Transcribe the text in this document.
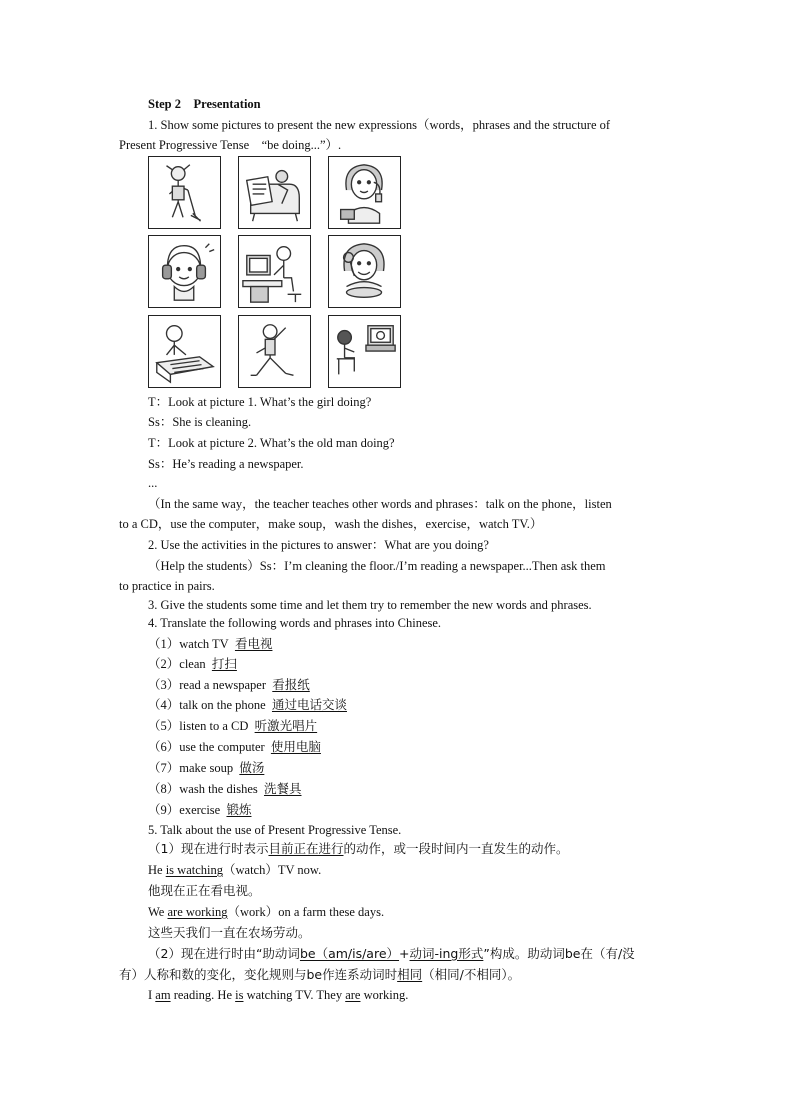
Step 2 Presentation
1. Show some pictures to present the new expressions（words，phrases and the structure of
Present Progressive Tense　“be doing...”）.
T：Look at picture 1. What’s the girl doing?
Ss：She is cleaning.
T：Look at picture 2. What’s the old man doing?
Ss：He’s reading a newspaper.
...
（In the same way，the teacher teaches other words and phrases：talk on the phone，listen
to a CD，use the computer，make soup，wash the dishes，exercise，watch TV.）
2. Use the activities in the pictures to answer：What are you doing?
（Help the students）Ss：I’m cleaning the floor./I’m reading a newspaper...Then ask them
to practice in pairs.
3. Give the students some time and let them try to remember the new words and phrases.
4. Translate the following words and phrases into Chinese.
（1）watch TV 看电视
（2）clean 打扫
（3）read a newspaper 看报纸
（4）talk on the phone 通过电话交谈
（5）listen to a CD 听激光唱片
（6）use the computer 使用电脑
（7）make soup 做汤
（8）wash the dishes 洗餐具
（9）exercise 锻炼
5. Talk about the use of Present Progressive Tense.
（1）现在进行时表示目前正在进行的动作，或一段时间内一直发生的动作。
He is watching（watch）TV now.
他现在正在看电视。
We are working（work）on a farm these days.
这些天我们一直在农场劳动。
（2）现在进行时由“助动词be（am/is/are）+动词-ing形式”构成。助动词be在（有/没
有）人称和数的变化，变化规则与be作连系动词时相同（相同/不相同）。
I am reading. He is watching TV. They are working.
